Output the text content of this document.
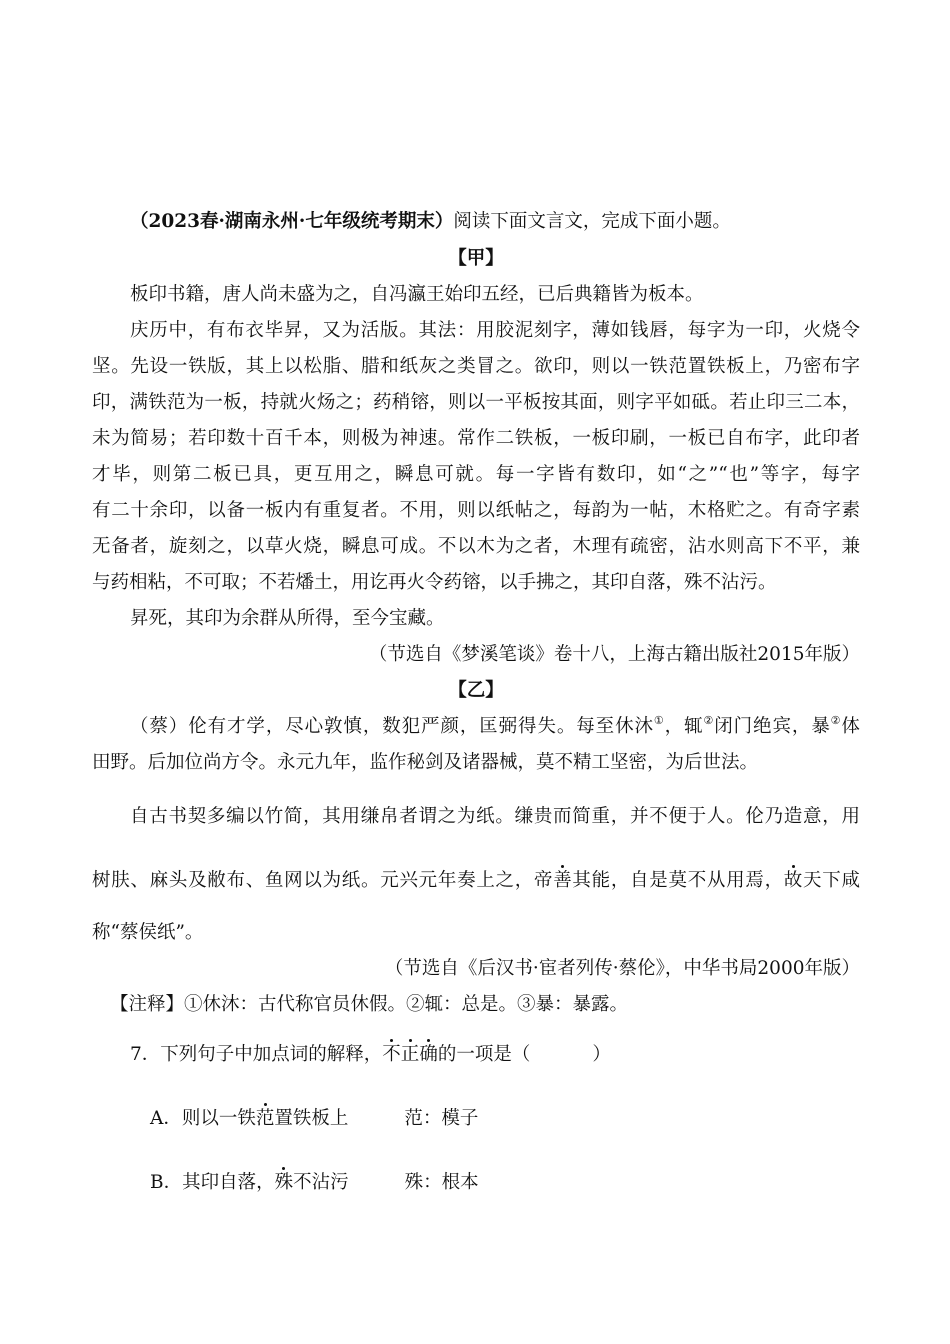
（2023春·湖南永州·七年级统考期末）阅读下面文言文，完成下面小题。
【甲】
板印书籍，唐人尚未盛为之，自冯瀛王始印五经，已后典籍皆为板本。
庆历中，有布衣毕昇，又为活版。其法：用胶泥刻字，薄如钱唇，每字为一印，火烧令
坚。先设一铁版，其上以松脂、腊和纸灰之类冒之。欲印，则以一铁范置铁板上，乃密布字
印，满铁范为一板，持就火炀之；药稍镕，则以一平板按其面，则字平如砥。若止印三二本，
未为简易；若印数十百千本，则极为神速。常作二铁板，一板印刷，一板已自布字，此印者
才毕，则第二板已具，更互用之，瞬息可就。每一字皆有数印，如“之”“也”等字，每字
有二十余印，以备一板内有重复者。不用，则以纸帖之，每韵为一帖，木格贮之。有奇字素
无备者，旋刻之，以草火烧，瞬息可成。不以木为之者，木理有疏密，沾水则高下不平，兼
与药相粘，不可取；不若燔土，用讫再火令药镕，以手拂之，其印自落，殊不沾污。
昇死，其印为余群从所得，至今宝藏。
（节选自《梦溪笔谈》卷十八，上海古籍出版社2015年版）
【乙】
（蔡）伦有才学，尽心敦慎，数犯严颜，匡弼得失。每至休沐①，辄②闭门绝宾，暴②体
田野。后加位尚方令。永元九年，监作秘剑及诸器械，莫不精工坚密，为后世法。
自古书契多编以竹简，其用缣帛者谓之为纸。缣贵而简重，并不便于人。伦乃造意，用
树肤、麻头及敝布、鱼网以为纸。元兴元年奏上之，帝善其能，自是莫不从用焉，故天下咸
称“蔡侯纸”。
（节选自《后汉书·宦者列传·蔡伦》，中华书局2000年版）
【注释】①休沐：古代称官员休假。②辄：总是。③暴：暴露。
7．下列句子中加点词的解释，不正确的一项是（	）
A．则以一铁范置铁板上	范：模子
B．其印自落，殊不沾污	殊：根本
